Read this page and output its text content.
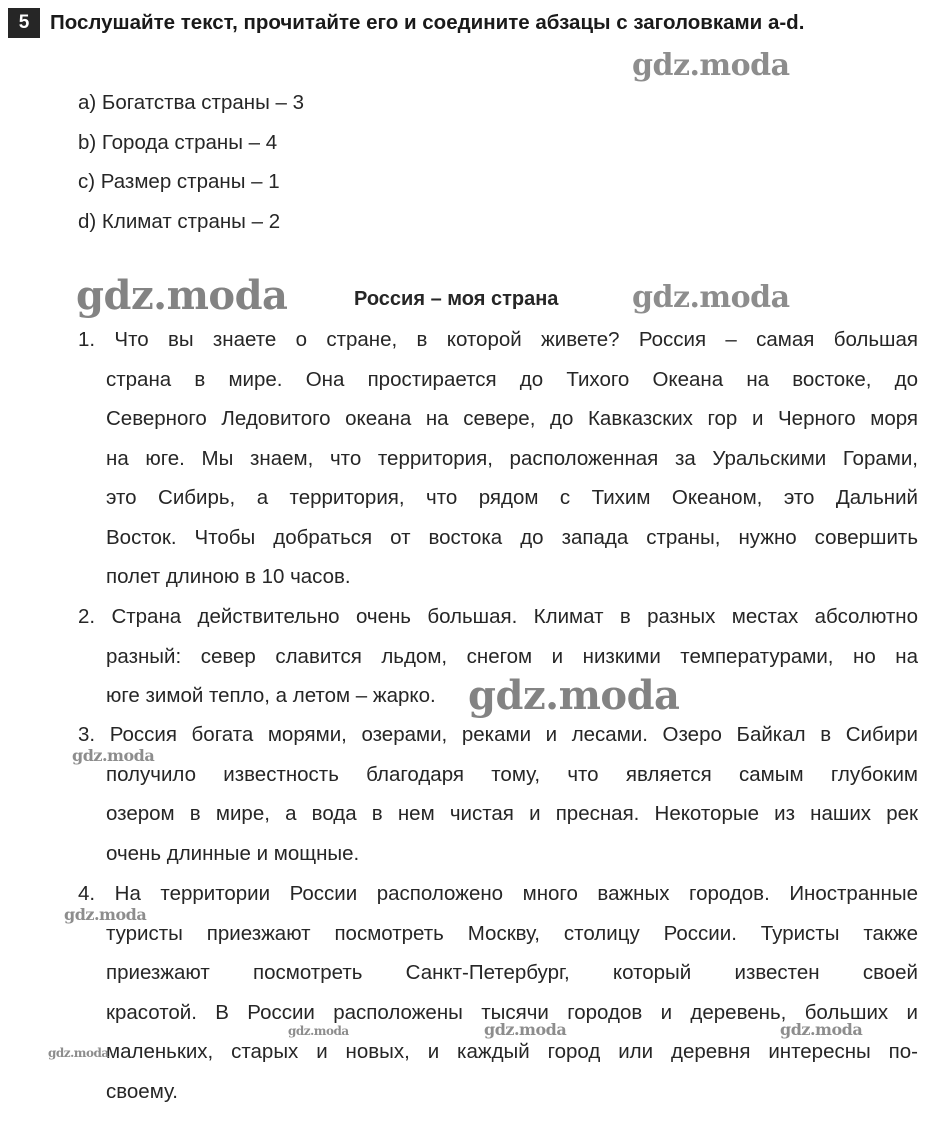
5	Послушайте текст, прочитайте его и соедините абзацы с заголовками a-d.
a) Богатства страны – 3
b) Города страны – 4
c) Размер страны – 1
d) Климат страны – 2
Россия – моя страна
1. Что вы знаете о стране, в которой живете? Россия – самая большая
страна в мире. Она простирается до Тихого Океана на востоке, до
Северного Ледовитого океана на севере, до Кавказских гор и Черного моря
на юге. Мы знаем, что территория, расположенная за Уральскими Горами,
это Сибирь, а территория, что рядом с Тихим Океаном, это Дальний
Восток. Чтобы добраться от востока до запада страны, нужно совершить
полет длиною в 10 часов.
2. Страна действительно очень большая. Климат в разных местах абсолютно
разный: север славится льдом, снегом и низкими температурами, но на
юге зимой тепло, а летом – жарко.
3. Россия богата морями, озерами, реками и лесами. Озеро Байкал в Сибири
получило известность благодаря тому, что является самым глубоким
озером в мире, а вода в нем чистая и пресная. Некоторые из наших рек
очень длинные и мощные.
4. На территории России расположено много важных городов. Иностранные
туристы приезжают посмотреть Москву, столицу России. Туристы также
приезжают посмотреть Санкт-Петербург, который известен своей
красотой. В России расположены тысячи городов и деревень, больших и
маленьких, старых и новых, и каждый город или деревня интересны по-
своему.
gdz.moda
gdz.moda	gdz.moda
gdz.moda
gdz.moda
gdz.moda
gdz.moda	gdz.moda	gdz.moda
gdz.moda
